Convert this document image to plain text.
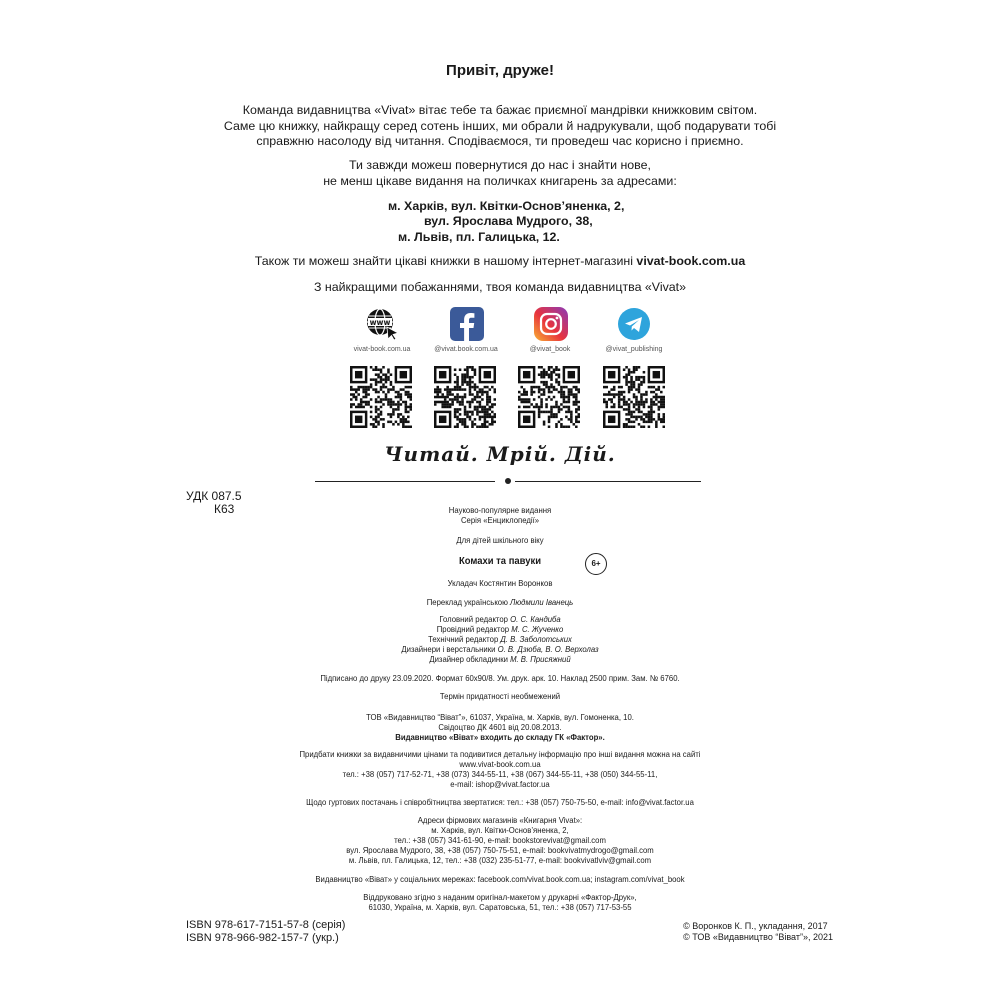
Привіт, друже!
Команда видавництва «Vivat» вітає тебе та бажає приємної мандрівки книжковим світом.
Саме цю книжку, найкращу серед сотень інших, ми обрали й надрукували, щоб подарувати тобі
справжню насолоду від читання. Сподіваємося, ти проведеш час корисно і приємно.
Ти завжди можеш повернутися до нас і знайти нове,
не менш цікаве видання на поличках книгарень за адресами:
м. Харків, вул. Квітки-Основ’яненка, 2,
вул. Ярослава Мудрого, 38,
м. Львів, пл. Галицька, 12.
Також ти можеш знайти цікаві книжки в нашому інтернет-магазині vivat-book.com.ua
З найкращими побажаннями, твоя команда видавництва «Vivat»
www
vivat-book.com.ua	@vivat.book.com.ua	@vivat_book	@vivat_publishing
Читай. Мрій. Дій.
УДК 087.5
К63	Науково-популярне видання
Серія «Енциклопедії»
Для дітей шкільного віку
Комахи та павуки	6+
Укладач Костянтин Воронков
Переклад українською Людмили Іванець
Головний редактор О. С. Кандиба
Провідний редактор М. С. Жученко
Технічний редактор Д. В. Заболотських
Дизайнери і верстальники О. В. Дзюба, В. О. Верхолаз
Дизайнер обкладинки М. В. Присяжний
Підписано до друку 23.09.2020. Формат 60х90/8. Ум. друк. арк. 10. Наклад 2500 прим. Зам. № 6760.
Термін придатності необмежений
ТОВ «Видавництво “Віват”», 61037, Україна, м. Харків, вул. Гомоненка, 10.
Свідоцтво ДК 4601 від 20.08.2013.
Видавництво «Віват» входить до складу ГК «Фактор».
Придбати книжки за видавничими цінами та подивитися детальну інформацію про інші видання можна на сайті
www.vivat-book.com.ua
тел.: +38 (057) 717-52-71, +38 (073) 344-55-11, +38 (067) 344-55-11, +38 (050) 344-55-11,
e-mail: ishop@vivat.factor.ua
Щодо гуртових постачань і співробітництва звертатися: тел.: +38 (057) 750-75-50, e-mail: info@vivat.factor.ua
Адреси фірмових магазинів «Книгарня Vivat»:
м. Харків, вул. Квітки-Основ’яненка, 2,
тел.: +38 (057) 341-61-90, e-mail: bookstorevivat@gmail.com
вул. Ярослава Мудрого, 38, +38 (057) 750-75-51, e-mail: bookvivatmydrogo@gmail.com
м. Львів, пл. Галицька, 12, тел.: +38 (032) 235-51-77, e-mail: bookvivatlviv@gmail.com
Видавництво «Віват» у соціальних мережах: facebook.com/vivat.book.com.ua; instagram.com/vivat_book
Віддруковано згідно з наданим оригінал-макетом у друкарні «Фактор-Друк»,
61030, Україна, м. Харків, вул. Саратовська, 51, тел.: +38 (057) 717-53-55
ISBN 978-617-7151-57-8 (серія)
ISBN 978-966-982-157-7 (укр.)
© Воронков К. П., укладання, 2017
© ТОВ «Видавництво “Віват”», 2021
